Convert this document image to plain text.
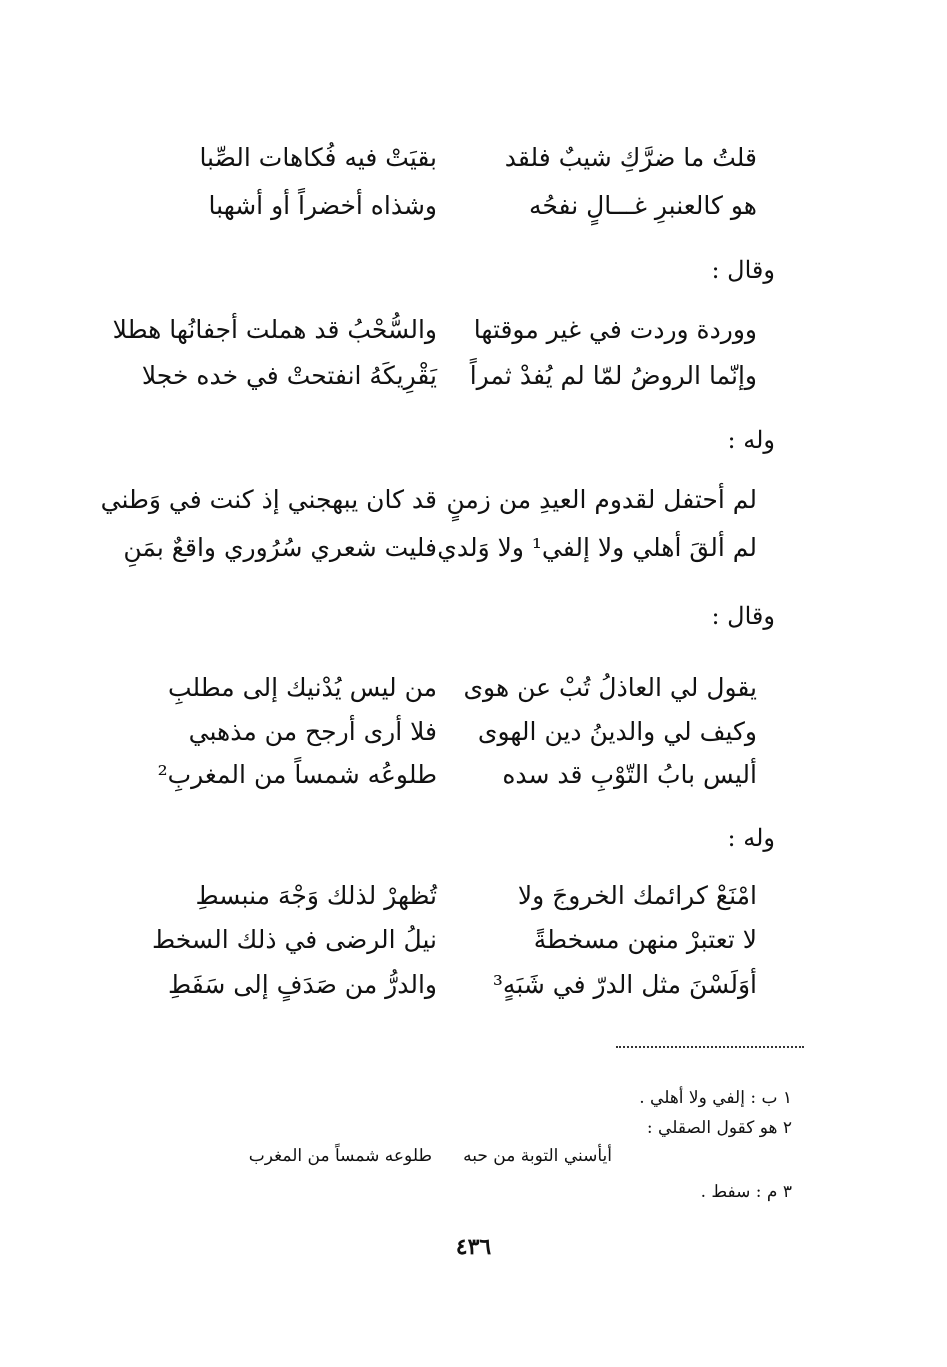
قلتُ ما ضرَّكِ شيبٌ فلقد
بقيَتْ فيه فُكاهات الصِّبا
هو كالعنبرِ غـــالٍ نفحُه
وشذاه أخضراً أو أشهبا
وقال :
ووردة وردت في غير موقتها
والسُّحْبُ قد هملت أجفانُها هطلا
وإنّما الروضُ لمّا لم يُفدْ ثمراً
يَقْرِيكَهُ انفتحتْ في خده خجلا
وله :
لم أحتفل لقدوم العيدِ من زمنٍ
قد كان يبهجني إذ كنت في وَطني
لم ألقَ أهلي ولا إلفي¹ ولا وَلدي
فليت شعري سُرُوري واقعٌ بمَنِ
وقال :
يقول لي العاذلُ تُبْ عن هوى
من ليس يُدْنيك إلى مطلبِ
وكيف لي والدينُ دين الهوى
فلا أرى أرجح من مذهبي
أليس بابُ التّوْبِ قد سده
طلوعُه شمساً من المغربِ²
وله :
امْنَعْ كرائمك الخروجَ ولا
تُظهرْ لذلك وَجْهَ منبسطِ
لا تعتبرْ منهن مسخطةً
نيلُ الرضى في ذلك السخط
أوَلَسْنَ مثل الدرّ في شَبَهٍ³
والدرُّ من صَدَفٍ إلى سَفَطِ
١ ب : إلفي ولا أهلي .
٢ هو كقول الصقلي :
أيأسني التوبة من حبه
طلوعه شمساً من المغرب
٣ م : سفط .
٤٣٦
